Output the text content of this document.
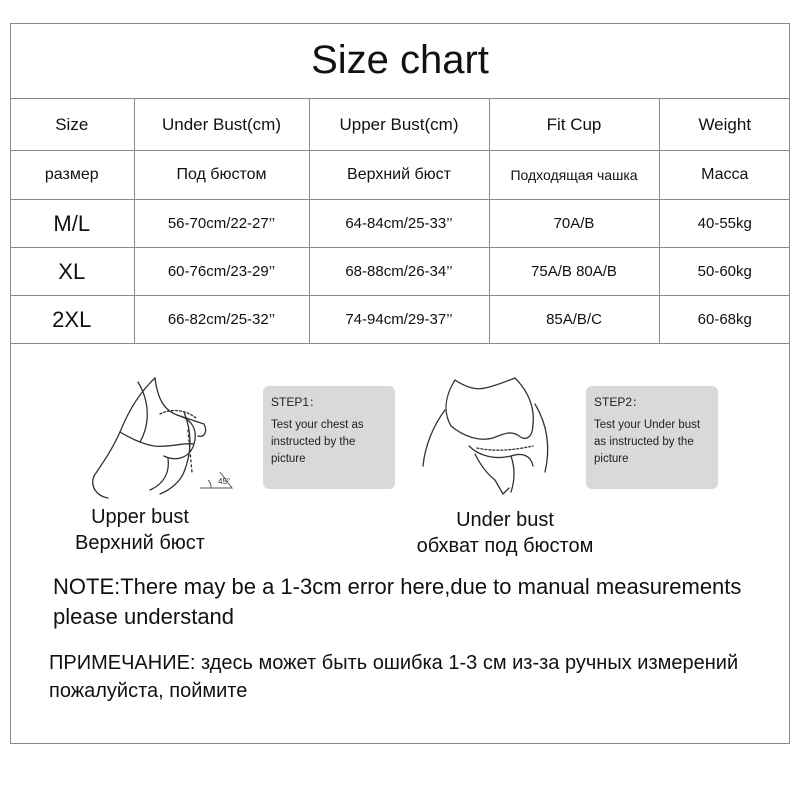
Size chart
Size	Under Bust(cm)	Upper Bust(cm)	Fit Cup	Weight
размер	Под бюстом	Верхний бюст	Подходящая чашка	Масса
M/L	56-70cm/22-27’’	64-84cm/25-33’’	70A/B	40-55kg
XL	60-76cm/23-29’’	68-88cm/26-34’’	75A/B 80A/B	50-60kg
2XL	66-82cm/25-32’’	74-94cm/29-37’’	85A/B/C	60-68kg
45°
STEP1：
Test your chest as instructed by the picture
Upper bust
Верхний бюст
STEP2：
Test your Under bust as instructed by the picture
Under bust
обхват под бюстом
NOTE:There may be a 1-3cm error here,due to manual measurements please understand
ПРИМЕЧАНИЕ: здесь может быть ошибка 1-3 см из-за ручных измерений пожалуйста, поймите
